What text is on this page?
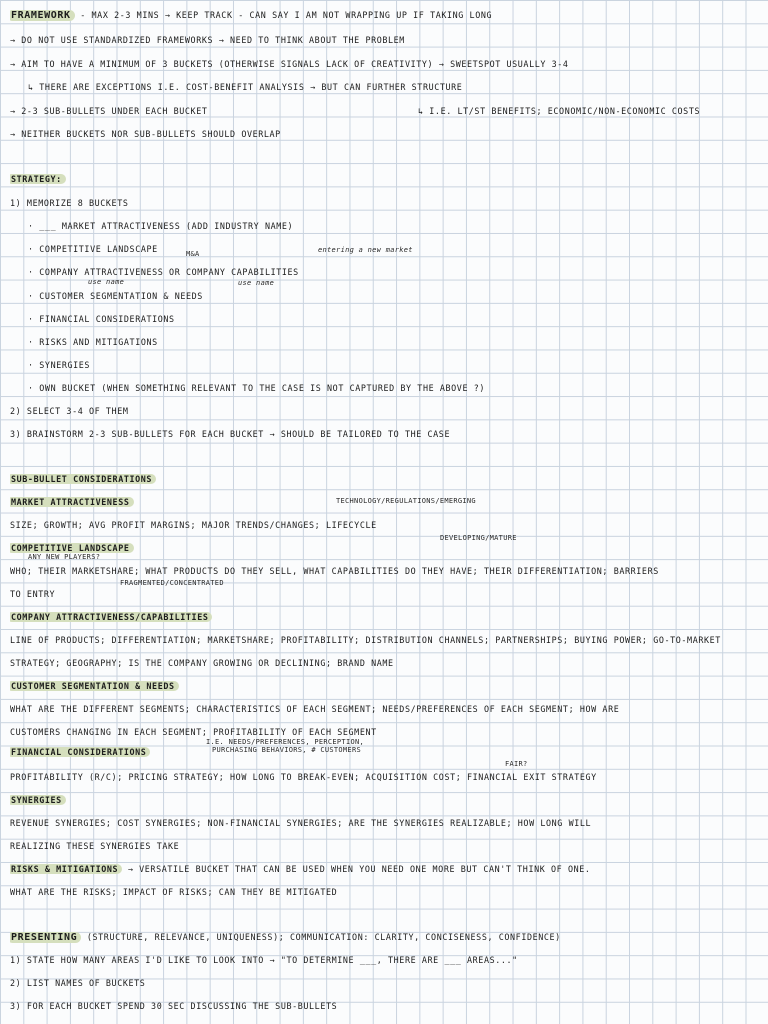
FRAMEWORK - MAX 2-3 MINS → KEEP TRACK - CAN SAY I AM NOT WRAPPING UP IF TAKING LONG
→ DO NOT USE STANDARDIZED FRAMEWORKS → NEED TO THINK ABOUT THE PROBLEM
→ AIM TO HAVE A MINIMUM OF 3 BUCKETS (OTHERWISE SIGNALS LACK OF CREATIVITY) → SWEETSPOT USUALLY 3-4
↳ THERE ARE EXCEPTIONS I.E. COST-BENEFIT ANALYSIS → BUT CAN FURTHER STRUCTURE
→ 2-3 SUB-BULLETS UNDER EACH BUCKET	↳ I.E. LT/ST BENEFITS; ECONOMIC/NON-ECONOMIC COSTS
→ NEITHER BUCKETS NOR SUB-BULLETS SHOULD OVERLAP
STRATEGY:
1) MEMORIZE 8 BUCKETS
· ___ MARKET ATTRACTIVENESS (ADD INDUSTRY NAME)
· COMPETITIVE LANDSCAPE	M&A	entering a new market
· COMPANY ATTRACTIVENESS OR COMPANY CAPABILITIES
use name	use name
· CUSTOMER SEGMENTATION & NEEDS
· FINANCIAL CONSIDERATIONS
· RISKS AND MITIGATIONS
· SYNERGIES
· OWN BUCKET (WHEN SOMETHING RELEVANT TO THE CASE IS NOT CAPTURED BY THE ABOVE ?)
2) SELECT 3-4 OF THEM
3) BRAINSTORM 2-3 SUB-BULLETS FOR EACH BUCKET → SHOULD BE TAILORED TO THE CASE
SUB-BULLET CONSIDERATIONS
MARKET ATTRACTIVENESS	TECHNOLOGY/REGULATIONS/EMERGING
SIZE; GROWTH; AVG PROFIT MARGINS; MAJOR TRENDS/CHANGES; LIFECYCLE
DEVELOPING/MATURE
COMPETITIVE LANDSCAPE
ANY NEW PLAYERS?
WHO; THEIR MARKETSHARE; WHAT PRODUCTS DO THEY SELL, WHAT CAPABILITIES DO THEY HAVE; THEIR DIFFERENTIATION; BARRIERS
FRAGMENTED/CONCENTRATED
TO ENTRY
COMPANY ATTRACTIVENESS/CAPABILITIES
LINE OF PRODUCTS; DIFFERENTIATION; MARKETSHARE; PROFITABILITY; DISTRIBUTION CHANNELS; PARTNERSHIPS; BUYING POWER; GO-TO-MARKET
STRATEGY; GEOGRAPHY; IS THE COMPANY GROWING OR DECLINING; BRAND NAME
CUSTOMER SEGMENTATION & NEEDS
WHAT ARE THE DIFFERENT SEGMENTS; CHARACTERISTICS OF EACH SEGMENT; NEEDS/PREFERENCES OF EACH SEGMENT; HOW ARE
CUSTOMERS CHANGING IN EACH SEGMENT; PROFITABILITY OF EACH SEGMENT
I.E. NEEDS/PREFERENCES, PERCEPTION,
PURCHASING BEHAVIORS, # CUSTOMERS
FINANCIAL CONSIDERATIONS
FAIR?
PROFITABILITY (R/C); PRICING STRATEGY; HOW LONG TO BREAK-EVEN; ACQUISITION COST; FINANCIAL EXIT STRATEGY
SYNERGIES
REVENUE SYNERGIES; COST SYNERGIES; NON-FINANCIAL SYNERGIES; ARE THE SYNERGIES REALIZABLE; HOW LONG WILL
REALIZING THESE SYNERGIES TAKE
RISKS & MITIGATIONS → VERSATILE BUCKET THAT CAN BE USED WHEN YOU NEED ONE MORE BUT CAN'T THINK OF ONE.
WHAT ARE THE RISKS; IMPACT OF RISKS; CAN THEY BE MITIGATED
PRESENTING (STRUCTURE, RELEVANCE, UNIQUENESS); COMMUNICATION: CLARITY, CONCISENESS, CONFIDENCE)
1) STATE HOW MANY AREAS I'D LIKE TO LOOK INTO → "TO DETERMINE ___, THERE ARE ___ AREAS..."
2) LIST NAMES OF BUCKETS
3) FOR EACH BUCKET SPEND 30 SEC DISCUSSING THE SUB-BULLETS
